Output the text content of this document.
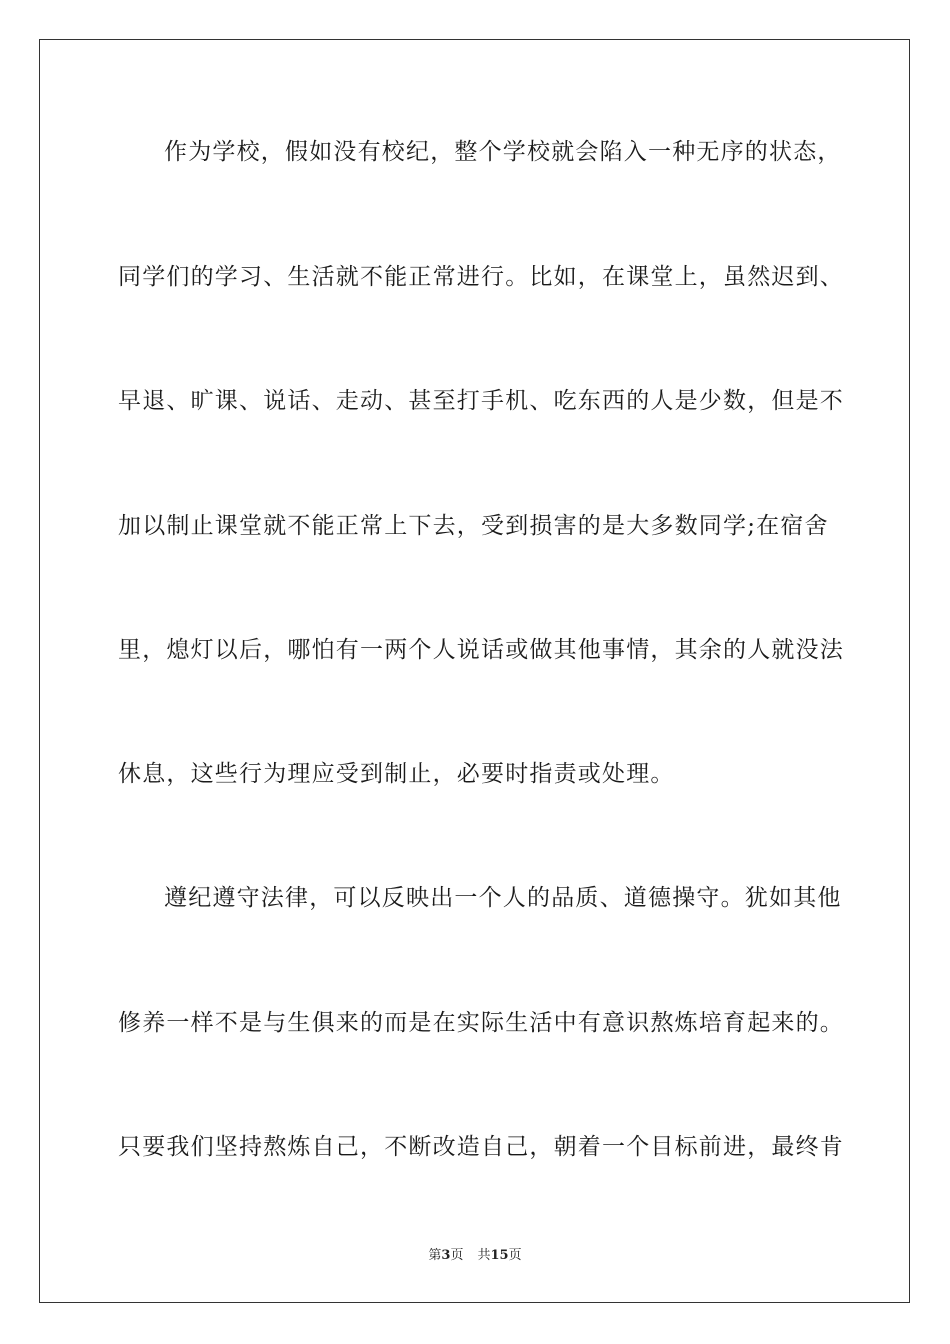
作为学校，假如没有校纪，整个学校就会陷入一种无序的状态，
同学们的学习、生活就不能正常进行。比如，在课堂上，虽然迟到、
早退、旷课、说话、走动、甚至打手机、吃东西的人是少数，但是不
加以制止课堂就不能正常上下去，受到损害的是大多数同学;在宿舍
里，熄灯以后，哪怕有一两个人说话或做其他事情，其余的人就没法
休息，这些行为理应受到制止，必要时指责或处理。
遵纪遵守法律，可以反映出一个人的品质、道德操守。犹如其他
修养一样不是与生俱来的而是在实际生活中有意识熬炼培育起来的。
只要我们坚持熬炼自己，不断改造自己，朝着一个目标前进，最终肯
第3页 共15页
